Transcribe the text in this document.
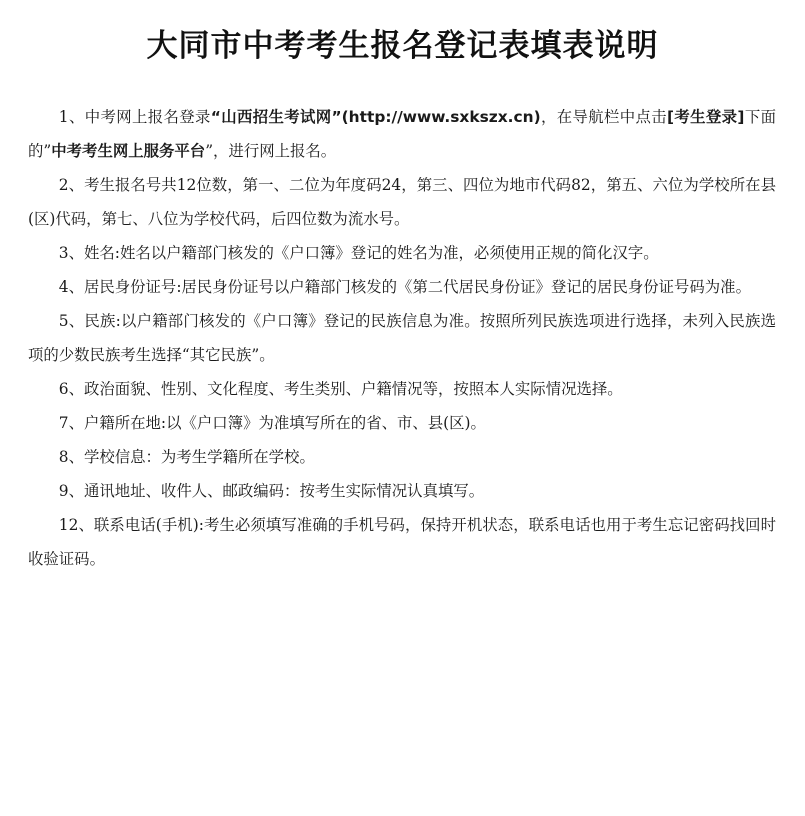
大同市中考考生报名登记表填表说明

1、中考网上报名登录“山西招生考试网”(http://www.sxkszx.cn)，在导航栏中点击[考生登录]下面的”中考考生网上服务平台”，进行网上报名。

2、考生报名号共12位数，第一、二位为年度码24，第三、四位为地市代码82，第五、六位为学校所在县(区)代码，第七、八位为学校代码，后四位数为流水号。

3、姓名:姓名以户籍部门核发的《户口簿》登记的姓名为准，必须使用正规的简化汉字。

4、居民身份证号:居民身份证号以户籍部门核发的《第二代居民身份证》登记的居民身份证号码为准。

5、民族:以户籍部门核发的《户口簿》登记的民族信息为准。按照所列民族选项进行选择，未列入民族选项的少数民族考生选择“其它民族”。

6、政治面貌、性别、文化程度、考生类别、户籍情况等，按照本人实际情况选择。

7、户籍所在地:以《户口簿》为准填写所在的省、市、县(区)。

8、学校信息：为考生学籍所在学校。

9、通讯地址、收件人、邮政编码：按考生实际情况认真填写。

12、联系电话(手机):考生必须填写准确的手机号码，保持开机状态，联系电话也用于考生忘记密码找回时收验证码。
